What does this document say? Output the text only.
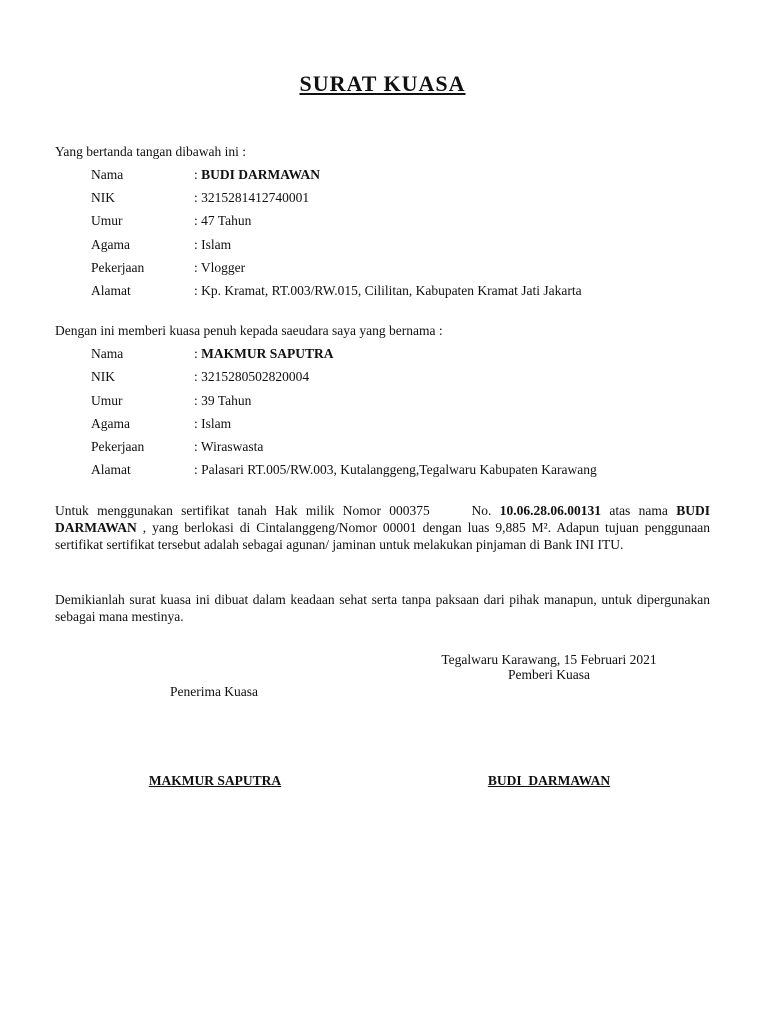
SURAT KUASA
Yang bertanda tangan dibawah ini :
Nama	: BUDI DARMAWAN
NIK	: 3215281412740001
Umur	: 47 Tahun
Agama	: Islam
Pekerjaan	: Vlogger
Alamat	: Kp. Kramat, RT.003/RW.015, Cililitan, Kabupaten Kramat Jati Jakarta
Dengan ini memberi kuasa penuh kepada saeudara saya yang bernama :
Nama	: MAKMUR SAPUTRA
NIK	: 3215280502820004
Umur	: 39 Tahun
Agama	: Islam
Pekerjaan	: Wiraswasta
Alamat	: Palasari RT.005/RW.003, Kutalanggeng,Tegalwaru Kabupaten Karawang
Untuk menggunakan sertifikat tanah Hak milik Nomor 000375     No. 10.06.28.06.00131 atas nama BUDI DARMAWAN , yang berlokasi di Cintalanggeng/Nomor 00001 dengan luas 9,885 M². Adapun tujuan penggunaan sertifikat sertifikat tersebut adalah sebagai agunan/ jaminan untuk melakukan pinjaman di Bank INI ITU.
Demikianlah surat kuasa ini dibuat dalam keadaan sehat serta tanpa paksaan dari pihak manapun, untuk dipergunakan sebagai mana mestinya.
Tegalwaru Karawang, 15 Februari 2021
Pemberi Kuasa
Penerima Kuasa
MAKMUR SAPUTRA	BUDI  DARMAWAN
